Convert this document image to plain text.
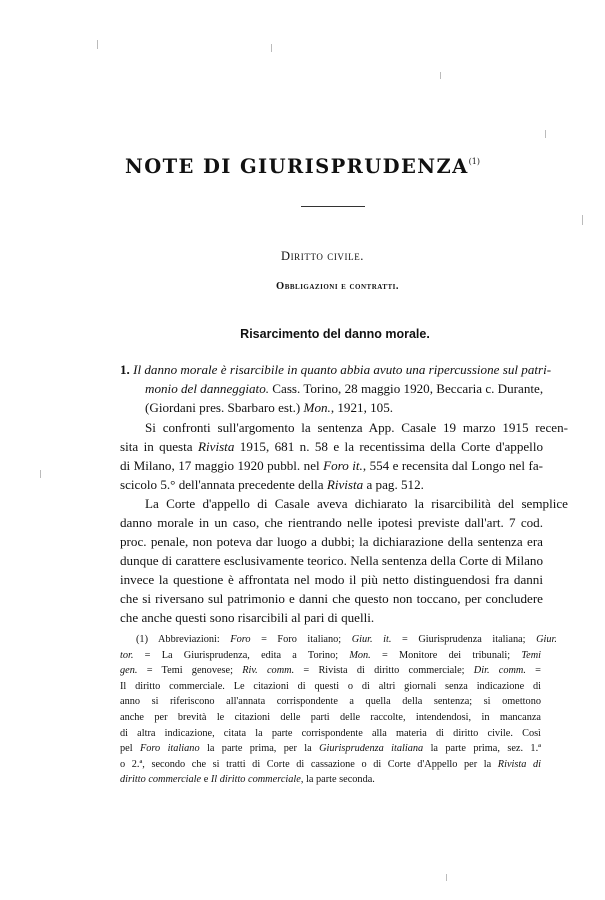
NOTE DI GIURISPRUDENZA$^{(1)}$
Diritto civile.
Obbligazioni e contratti.
Risarcimento del danno morale.
1. Il danno morale è risarcibile in quanto abbia avuto una ripercussione sul patri-
monio del danneggiato. Cass. Torino, 28 maggio 1920, Beccaria c. Durante,
(Giordani pres. Sbarbaro est.) Mon., 1921, 105.
Si confronti sull'argomento la sentenza App. Casale 19 marzo 1915 recen-
sita in questa Rivista 1915, 681 n. 58 e la recentissima della Corte d'appello
di Milano, 17 maggio 1920 pubbl. nel Foro it., 554 e recensita dal Longo nel fa-
scicolo 5.° dell'annata precedente della Rivista a pag. 512.
La Corte d'appello di Casale aveva dichiarato la risarcibilità del semplice
danno morale in un caso, che rientrando nelle ipotesi previste dall'art. 7 cod.
proc. penale, non poteva dar luogo a dubbi; la dichiarazione della sentenza era
dunque di carattere esclusivamente teorico. Nella sentenza della Corte di Milano
invece la questione è affrontata nel modo il più netto distinguendosi fra danni
che si riversano sul patrimonio e danni che questo non toccano, per concludere
che anche questi sono risarcibili al pari di quelli.
(1) Abbreviazioni: Foro = Foro italiano; Giur. it. = Giurisprudenza italiana; Giur.
tor. = La Giurisprudenza, edita a Torino; Mon. = Monitore dei tribunali; Temi
gen. = Temi genovese; Riv. comm. = Rivista di diritto commerciale; Dir. comm. =
Il diritto commerciale. Le citazioni di questi o di altri giornali senza indicazione di
anno si riferiscono all'annata corrispondente a quella della sentenza; si omettono
anche per brevità le citazioni delle parti delle raccolte, intendendosi, in mancanza
di altra indicazione, citata la parte corrispondente alla materia di diritto civile. Così
pel Foro italiano la parte prima, per la Giurisprudenza italiana la parte prima, sez. 1.ª
o 2.ª, secondo che si tratti di Corte di cassazione o di Corte d'Appello per la Rivista di
diritto commerciale e Il diritto commerciale, la parte seconda.
